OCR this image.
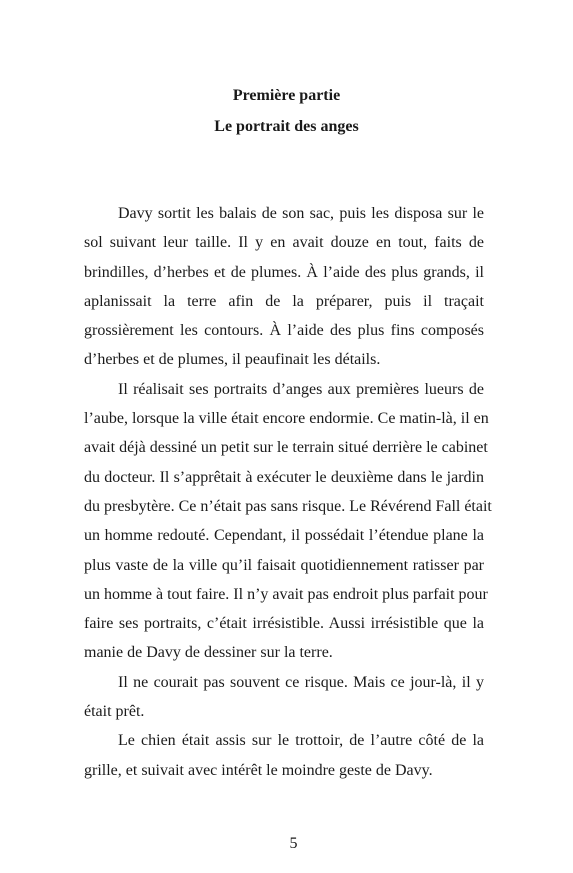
Première partie
Le portrait des anges
Davy sortit les balais de son sac, puis les disposa sur le
sol suivant leur taille. Il y en avait douze en tout, faits de
brindilles, d’herbes et de plumes. À l’aide des plus grands, il
aplanissait la terre afin de la préparer, puis il traçait
grossièrement les contours. À l’aide des plus fins composés
d’herbes et de plumes, il peaufinait les détails.
Il réalisait ses portraits d’anges aux premières lueurs de
l’aube, lorsque la ville était encore endormie. Ce matin-là, il en
avait déjà dessiné un petit sur le terrain situé derrière le cabinet
du docteur. Il s’apprêtait à exécuter le deuxième dans le jardin
du presbytère. Ce n’était pas sans risque. Le Révérend Fall était
un homme redouté. Cependant, il possédait l’étendue plane la
plus vaste de la ville qu’il faisait quotidiennement ratisser par
un homme à tout faire. Il n’y avait pas endroit plus parfait pour
faire ses portraits, c’était irrésistible. Aussi irrésistible que la
manie de Davy de dessiner sur la terre.
Il ne courait pas souvent ce risque. Mais ce jour-là, il y
était prêt.
Le chien était assis sur le trottoir, de l’autre côté de la
grille, et suivait avec intérêt le moindre geste de Davy.
5
